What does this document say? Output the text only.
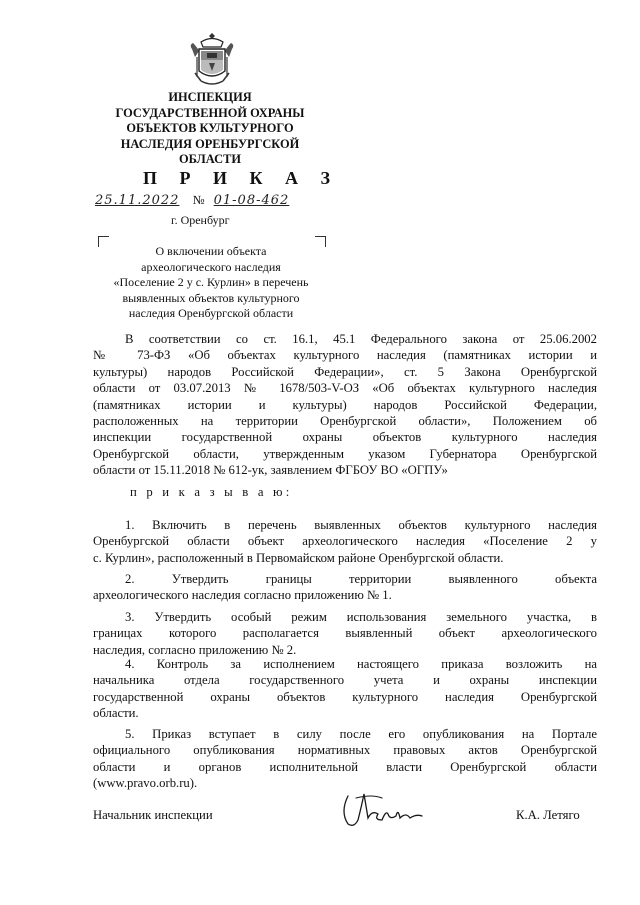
ИНСПЕКЦИЯ
ГОСУДАРСТВЕННОЙ ОХРАНЫ
ОБЪЕКТОВ КУЛЬТУРНОГО
НАСЛЕДИЯ ОРЕНБУРГСКОЙ
ОБЛАСТИ
П Р И К А З
25.11.2022 № 01-08-462
г. Оренбург
О включении объекта
археологического наследия
«Поселение 2 у с. Курлин» в перечень
выявленных объектов культурного
наследия Оренбургской области
В соответствии со ст. 16.1, 45.1 Федерального закона от 25.06.2002
№ 73-ФЗ «Об объектах культурного наследия (памятниках истории и
культуры) народов Российской Федерации», ст. 5 Закона Оренбургской
области от 03.07.2013 № 1678/503-V-ОЗ «Об объектах культурного наследия
(памятниках истории и культуры) народов Российской Федерации,
расположенных на территории Оренбургской области», Положением об
инспекции государственной охраны объектов культурного наследия
Оренбургской области, утвержденным указом Губернатора Оренбургской
области от 15.11.2018 № 612-ук, заявлением ФГБОУ ВО «ОГПУ»
п р и к а з ы в а ю:
1. Включить в перечень выявленных объектов культурного наследия
Оренбургской области объект археологического наследия «Поселение 2 у
с. Курлин», расположенный в Первомайском районе Оренбургской области.
2. Утвердить границы территории выявленного объекта
археологического наследия согласно приложению № 1.
3. Утвердить особый режим использования земельного участка, в
границах которого располагается выявленный объект археологического
наследия, согласно приложению № 2.
4. Контроль за исполнением настоящего приказа возложить на
начальника отдела государственного учета и охраны инспекции
государственной охраны объектов культурного наследия Оренбургской
области.
5. Приказ вступает в силу после его опубликования на Портале
официального опубликования нормативных правовых актов Оренбургской
области и органов исполнительной власти Оренбургской области
(www.pravo.orb.ru).
Начальник инспекции	К.А. Летяго
